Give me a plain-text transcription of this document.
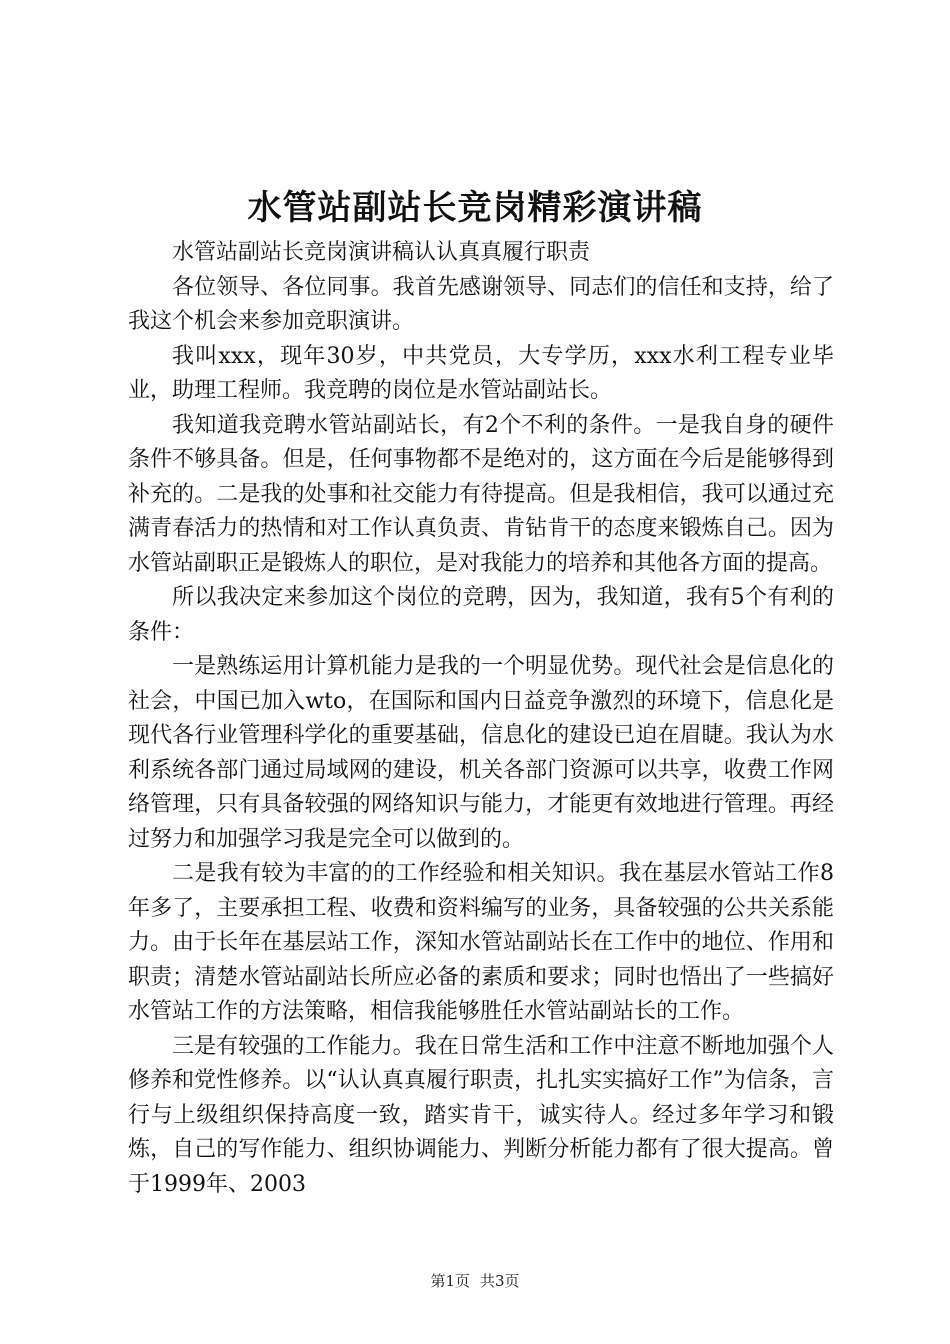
水管站副站长竞岗精彩演讲稿

水管站副站长竞岗演讲稿认认真真履行职责

各位领导、各位同事。我首先感谢领导、同志们的信任和支持，给了我这个机会来参加竞职演讲。

我叫xxx，现年30岁，中共党员，大专学历，xxx水利工程专业毕业，助理工程师。我竞聘的岗位是水管站副站长。

我知道我竞聘水管站副站长，有2个不利的条件。一是我自身的硬件条件不够具备。但是，任何事物都不是绝对的，这方面在今后是能够得到补充的。二是我的处事和社交能力有待提高。但是我相信，我可以通过充满青春活力的热情和对工作认真负责、肯钻肯干的态度来锻炼自己。因为水管站副职正是锻炼人的职位，是对我能力的培养和其他各方面的提高。

所以我决定来参加这个岗位的竞聘，因为，我知道，我有5个有利的条件：

一是熟练运用计算机能力是我的一个明显优势。现代社会是信息化的社会，中国已加入wto，在国际和国内日益竞争激烈的环境下，信息化是现代各行业管理科学化的重要基础，信息化的建设已迫在眉睫。我认为水利系统各部门通过局域网的建设，机关各部门资源可以共享，收费工作网络管理，只有具备较强的网络知识与能力，才能更有效地进行管理。再经过努力和加强学习我是完全可以做到的。

二是我有较为丰富的的工作经验和相关知识。我在基层水管站工作8年多了，主要承担工程、收费和资料编写的业务，具备较强的公共关系能力。由于长年在基层站工作，深知水管站副站长在工作中的地位、作用和职责；清楚水管站副站长所应必备的素质和要求；同时也悟出了一些搞好水管站工作的方法策略，相信我能够胜任水管站副站长的工作。

三是有较强的工作能力。我在日常生活和工作中注意不断地加强个人修养和党性修养。以“认认真真履行职责，扎扎实实搞好工作”为信条，言行与上级组织保持高度一致，踏实肯干，诚实待人。经过多年学习和锻炼，自己的写作能力、组织协调能力、判断分析能力都有了很大提高。曾于1999年、2003

第1页 共3页
